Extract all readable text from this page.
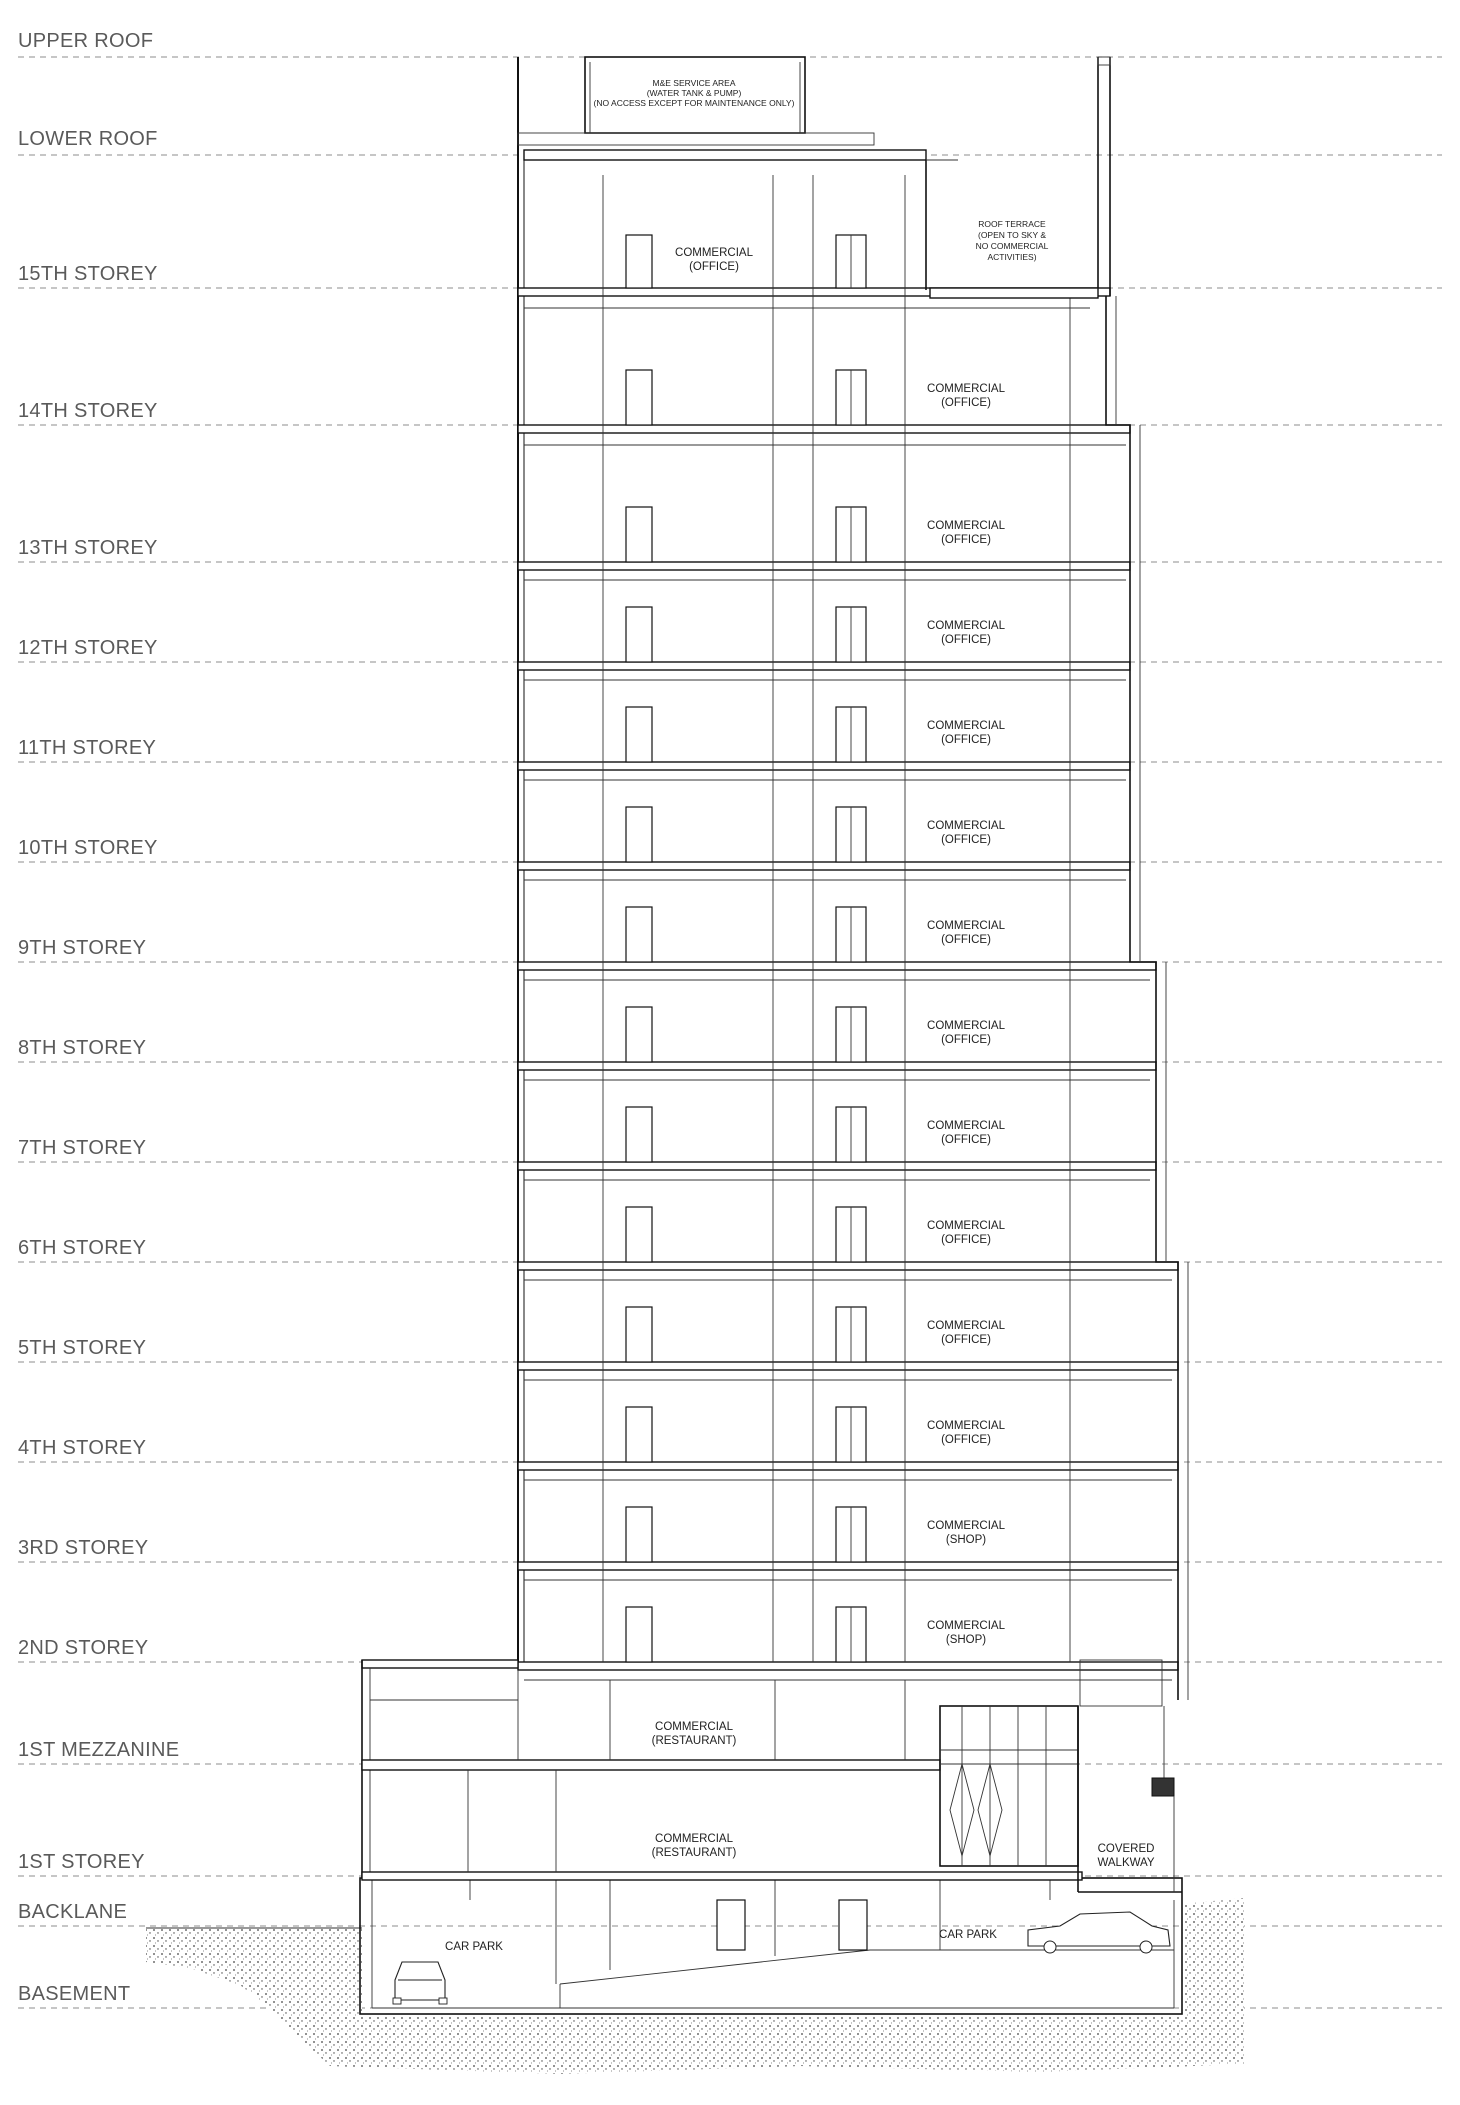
UPPER ROOF
LOWER ROOF
15TH STOREY
14TH STOREY
13TH STOREY
12TH STOREY
11TH STOREY
10TH STOREY
9TH STOREY
8TH STOREY
7TH STOREY
6TH STOREY
5TH STOREY
4TH STOREY
3RD STOREY
2ND STOREY
1ST MEZZANINE
1ST STOREY
BACKLANE
BASEMENT
M&E SERVICE AREA
(WATER TANK & PUMP)
(NO ACCESS EXCEPT FOR MAINTENANCE ONLY)
ROOF TERRACE
(OPEN TO SKY &
NO COMMERCIAL
ACTIVITIES)
COMMERCIAL
(OFFICE)
COMMERCIAL
(OFFICE)
COMMERCIAL
(OFFICE)
COMMERCIAL
(OFFICE)
COMMERCIAL
(OFFICE)
COMMERCIAL
(OFFICE)
COMMERCIAL
(OFFICE)
COMMERCIAL
(OFFICE)
COMMERCIAL
(OFFICE)
COMMERCIAL
(OFFICE)
COMMERCIAL
(OFFICE)
COMMERCIAL
(OFFICE)
COMMERCIAL
(SHOP)
COMMERCIAL
(SHOP)
COMMERCIAL
(RESTAURANT)
COMMERCIAL
(RESTAURANT)	COVERED
WALKWAY
CAR PARK
CAR PARK
